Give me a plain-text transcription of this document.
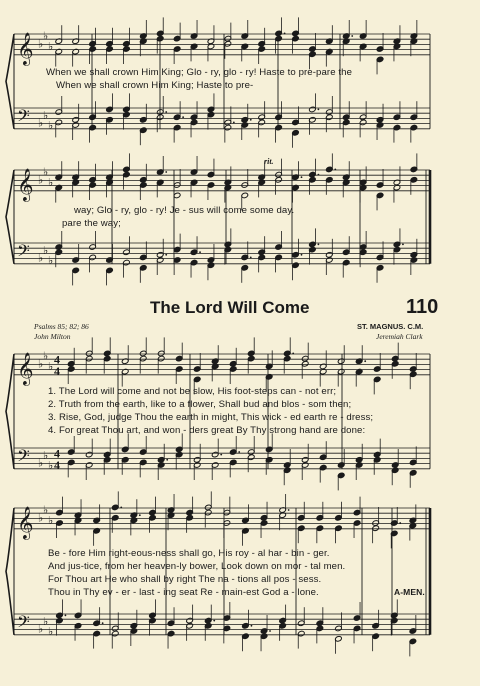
𝄞 ♭
♭
♭
𝄢 ♭
♭
♭
𝄞 ♭
♭
♭
𝄢 ♭
♭
♭
𝄞 ♭
♭
♭
4
4
𝄢 ♭
♭
♭
4
4
𝄞 ♭
♭
♭
𝄢 ♭
♭
♭
When we shall crown Him King; Glo - ry, glo - ry! Haste to pre-pare the
When we shall crown Him King; Haste to pre-
rit.
way; Glo - ry, glo - ry! Je - sus will come some day.
pare the way;
The Lord Will Come	110
Psalms 85; 82; 86
John Milton
ST. MAGNUS. C.M.
Jeremiah Clark
1. The Lord will come and not be slow, His foot-steps can - not err;
2. Truth from the earth, like to a flower, Shall bud and blos - som then;
3. Rise, God, judge Thou the earth in might, This wick - ed earth re - dress;
4. For great Thou art, and won - ders great By Thy strong hand are done:
Be - fore Him right-eous-ness shall go, His roy - al har - bin - ger.
And jus-tice, from her heaven-ly bower, Look down on mor - tal men.
For Thou art He who shall by right The na - tions all pos - sess.
Thou in Thy ev - er - last - ing seat Re - main-est God a - lone.	A-MEN.
